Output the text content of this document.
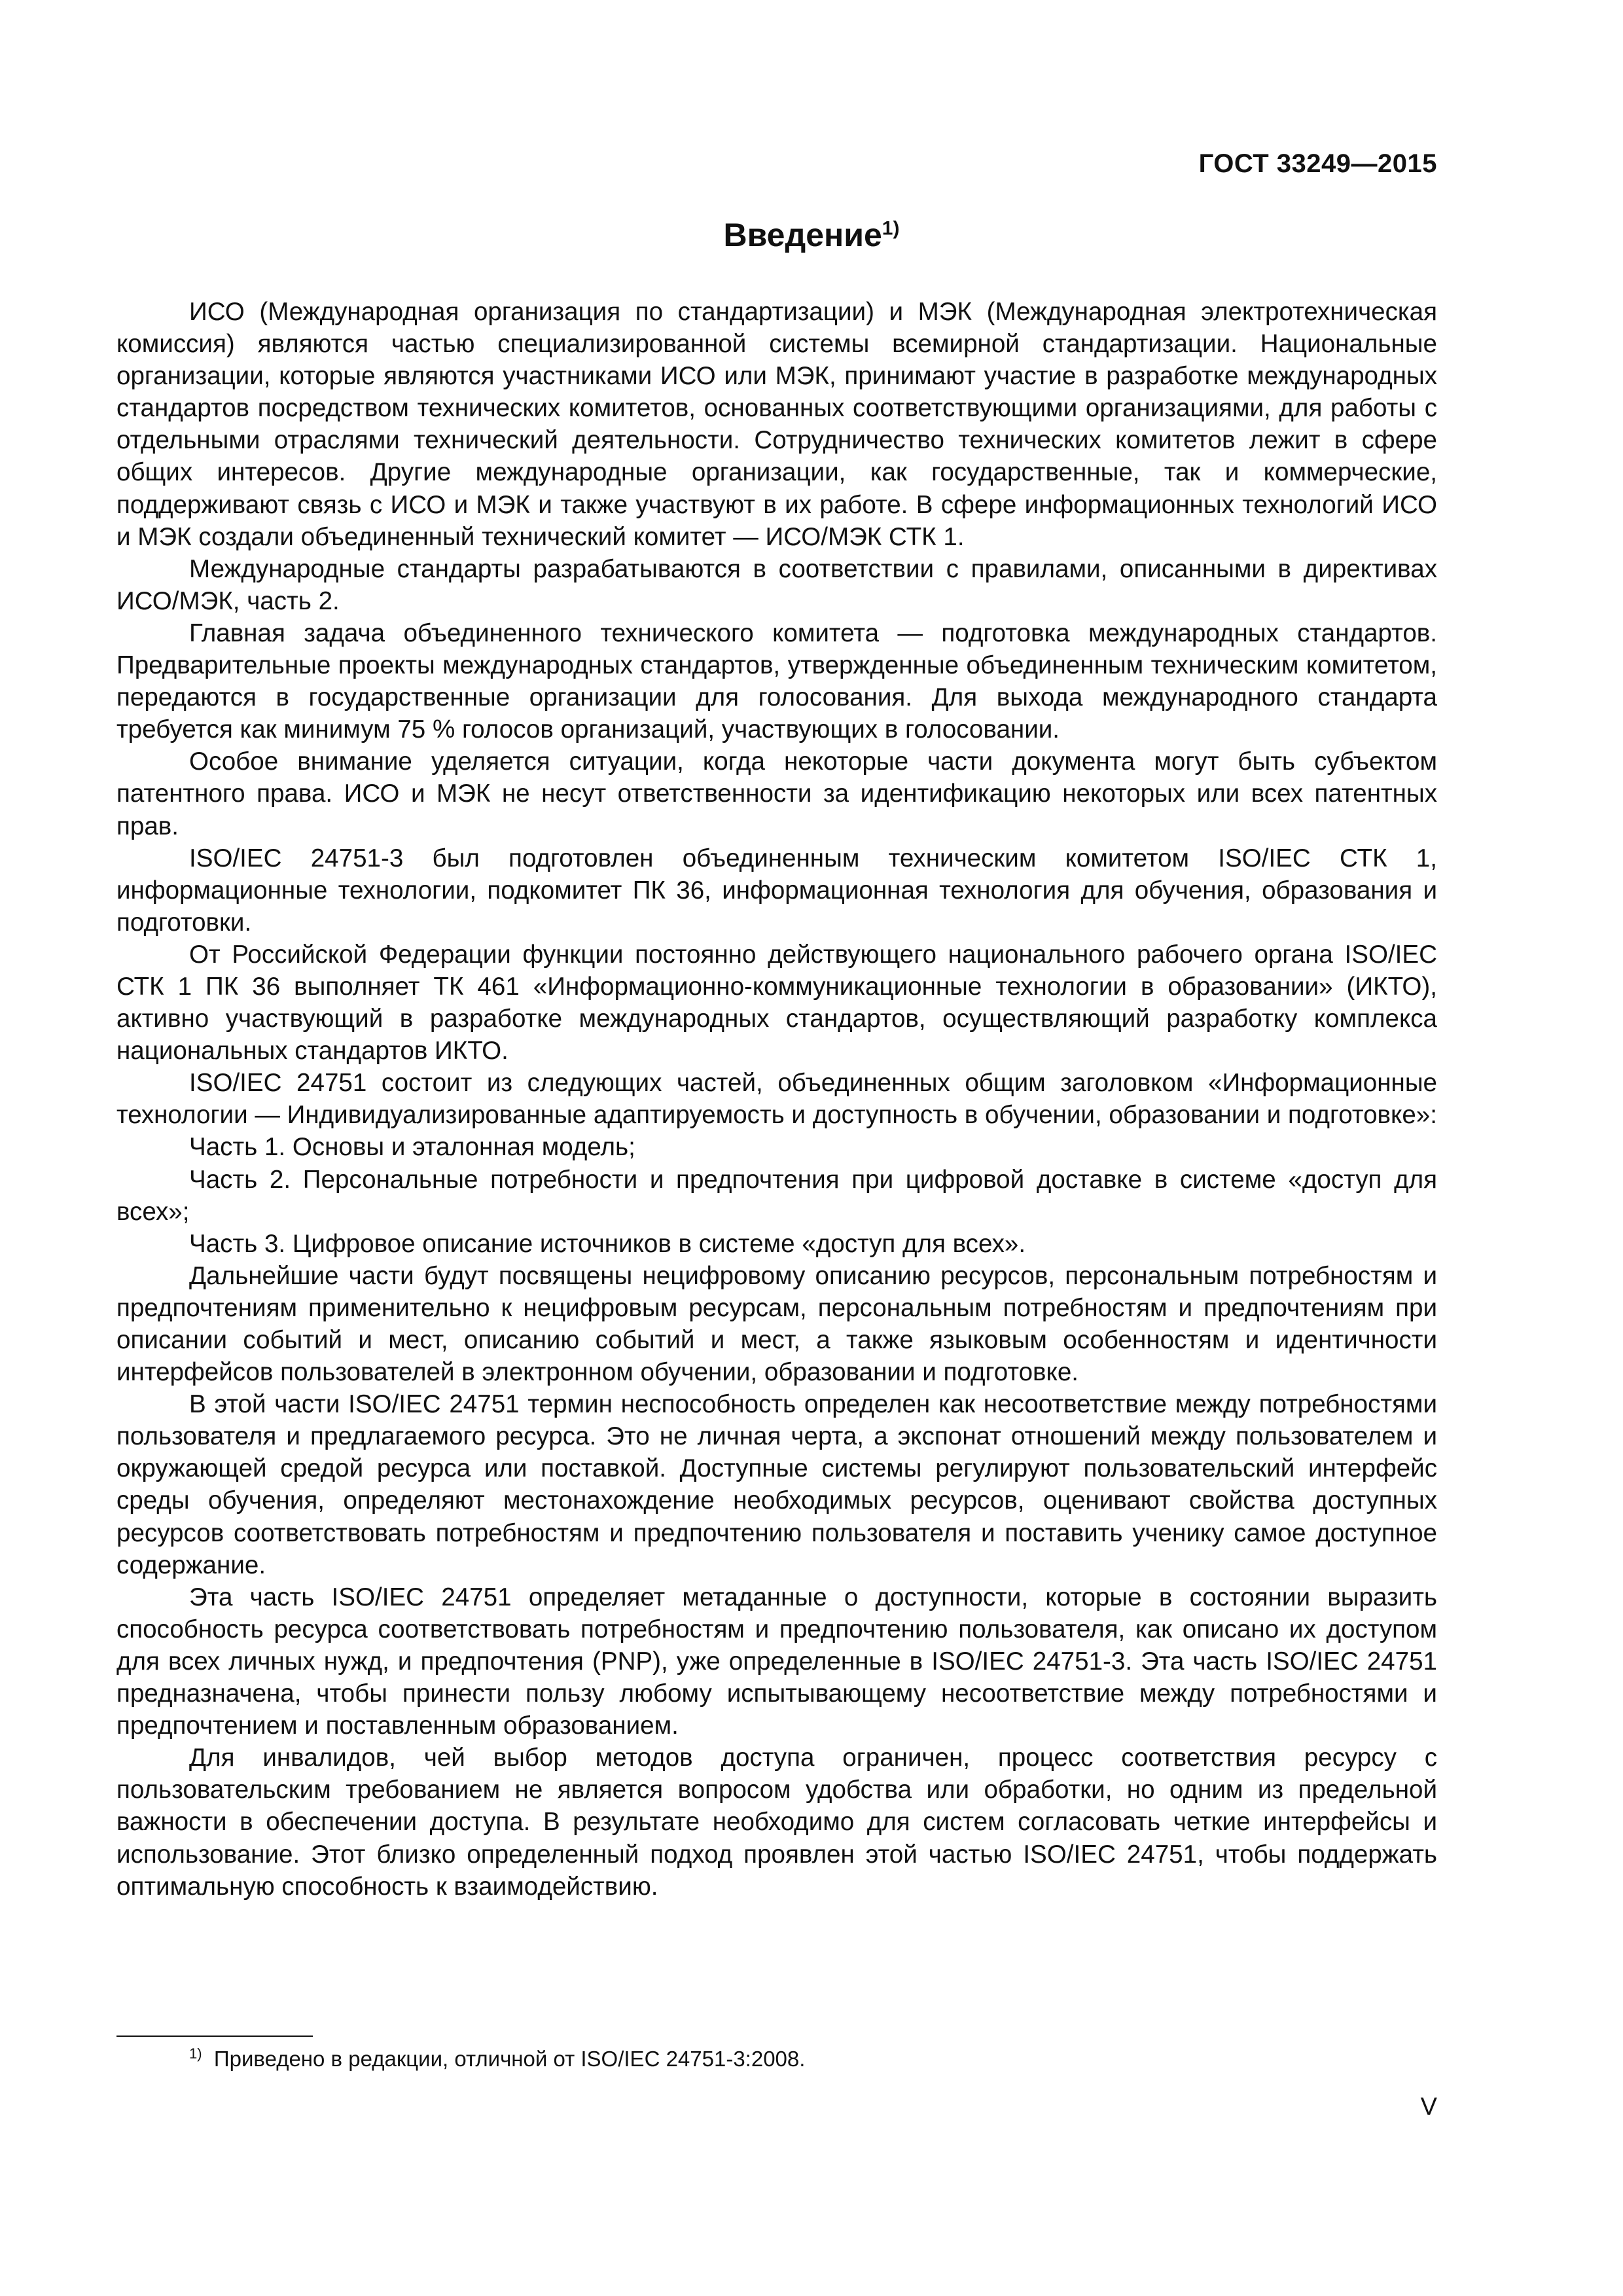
ГОСТ 33249—2015

Введение$^{1)}$

ИСО (Международная организация по стандартизации) и МЭК (Международная электротехническая комиссия) являются частью специализированной системы всемирной стандартизации. Национальные организации, которые являются участниками ИСО или МЭК, принимают участие в разработке международных стандартов посредством технических комитетов, основанных соответствующими организациями, для работы с отдельными отраслями технический деятельности. Сотрудничество технических комитетов лежит в сфере общих интересов. Другие международные организации, как государственные, так и коммерческие, поддерживают связь с ИСО и МЭК и также участвуют в их работе. В сфере информационных технологий ИСО и МЭК создали объединенный технический комитет — ИСО/МЭК СТК 1.

Международные стандарты разрабатываются в соответствии с правилами, описанными в директивах ИСО/МЭК, часть 2.

Главная задача объединенного технического комитета — подготовка международных стандартов. Предварительные проекты международных стандартов, утвержденные объединенным техническим комитетом, передаются в государственные организации для голосования. Для выхода международного стандарта требуется как минимум 75 % голосов организаций, участвующих в голосовании.

Особое внимание уделяется ситуации, когда некоторые части документа могут быть субъектом патентного права. ИСО и МЭК не несут ответственности за идентификацию некоторых или всех патентных прав.

ISO/IEC 24751-3 был подготовлен объединенным техническим комитетом ISO/IEC СТК 1, информационные технологии, подкомитет ПК 36, информационная технология для обучения, образования и подготовки.

От Российской Федерации функции постоянно действующего национального рабочего органа ISO/IEC СТК 1 ПК 36 выполняет ТК 461 «Информационно-коммуникационные технологии в образовании» (ИКТО), активно участвующий в разработке международных стандартов, осуществляющий разработку комплекса национальных стандартов ИКТО.

ISO/IEC 24751 состоит из следующих частей, объединенных общим заголовком «Информационные технологии — Индивидуализированные адаптируемость и доступность в обучении, образовании и подготовке»:

Часть 1. Основы и эталонная модель;

Часть 2. Персональные потребности и предпочтения при цифровой доставке в системе «доступ для всех»;

Часть 3. Цифровое описание источников в системе «доступ для всех».

Дальнейшие части будут посвящены нецифровому описанию ресурсов, персональным потребностям и предпочтениям применительно к нецифровым ресурсам, персональным потребностям и предпочтениям при описании событий и мест, описанию событий и мест, а также языковым особенностям и идентичности интерфейсов пользователей в электронном обучении, образовании и подготовке.

В этой части ISO/IEC 24751 термин неспособность определен как несоответствие между потребностями пользователя и предлагаемого ресурса. Это не личная черта, а экспонат отношений между пользователем и окружающей средой ресурса или поставкой. Доступные системы регулируют пользовательский интерфейс среды обучения, определяют местонахождение необходимых ресурсов, оценивают свойства доступных ресурсов соответствовать потребностям и предпочтению пользователя и поставить ученику самое доступное содержание.

Эта часть ISO/IEC 24751 определяет метаданные о доступности, которые в состоянии выразить способность ресурса соответствовать потребностям и предпочтению пользователя, как описано их доступом для всех личных нужд, и предпочтения (PNP), уже определенные в ISO/IEC 24751-3. Эта часть ISO/IEC 24751 предназначена, чтобы принести пользу любому испытывающему несоответствие между потребностями и предпочтением и поставленным образованием.

Для инвалидов, чей выбор методов доступа ограничен, процесс соответствия ресурсу с пользовательским требованием не является вопросом удобства или обработки, но одним из предельной важности в обеспечении доступа. В результате необходимо для систем согласовать четкие интерфейсы и использование. Этот близко определенный подход проявлен этой частью ISO/IEC 24751, чтобы поддержать оптимальную способность к взаимодействию.

$^{1)}$ Приведено в редакции, отличной от ISO/IEC 24751-3:2008.

V
